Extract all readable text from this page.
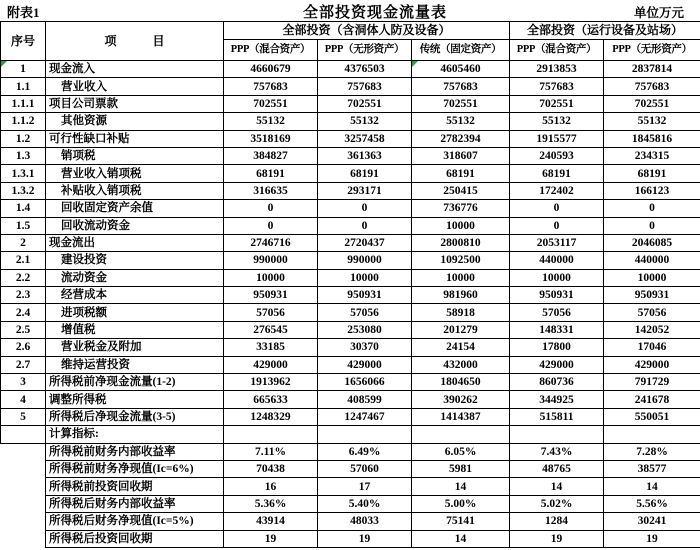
附表1	全部投资现金流量表	单位万元
序号	项　　　目	全部投资（含洞体人防及设备）			全部投资（运行设备及站场）	
		PPP（混合资产）	PPP（无形资产）	传统（固定资产）	PPP（混合资产）	PPP（无形资产）
1	现金流入	4660679	4376503	4605460	2913853	2837814
1.1	营业收入	757683	757683	757683	757683	757683
1.1.1	项目公司票款	702551	702551	702551	702551	702551
1.1.2	其他资源	55132	55132	55132	55132	55132
1.2	可行性缺口补贴	3518169	3257458	2782394	1915577	1845816
1.3	销项税	384827	361363	318607	240593	234315
1.3.1	营业收入销项税	68191	68191	68191	68191	68191
1.3.2	补贴收入销项税	316635	293171	250415	172402	166123
1.4	回收固定资产余值	0	0	736776	0	0
1.5	回收流动资金	0	0	10000	0	0
2	现金流出	2746716	2720437	2800810	2053117	2046085
2.1	建设投资	990000	990000	1092500	440000	440000
2.2	流动资金	10000	10000	10000	10000	10000
2.3	经营成本	950931	950931	981960	950931	950931
2.4	进项税额	57056	57056	58918	57056	57056
2.5	增值税	276545	253080	201279	148331	142052
2.6	营业税金及附加	33185	30370	24154	17800	17046
2.7	维持运营投资	429000	429000	432000	429000	429000
3	所得税前净现金流量(1-2)	1913962	1656066	1804650	860736	791729
4	调整所得税	665633	408599	390262	344925	241678
5	所得税后净现金流量(3-5)	1248329	1247467	1414387	515811	550051
	计算指标:					
	所得税前财务内部收益率	7.11%	6.49%	6.05%	7.43%	7.28%
	所得税前财务净现值(Ic=6%)	70438	57060	5981	48765	38577
	所得税前投资回收期	16	17	14	14	14
	所得税后财务内部收益率	5.36%	5.40%	5.00%	5.02%	5.56%
	所得税后财务净现值(Ic=5%)	43914	48033	75141	1284	30241
	所得税后投资回收期	19	19	14	19	19
